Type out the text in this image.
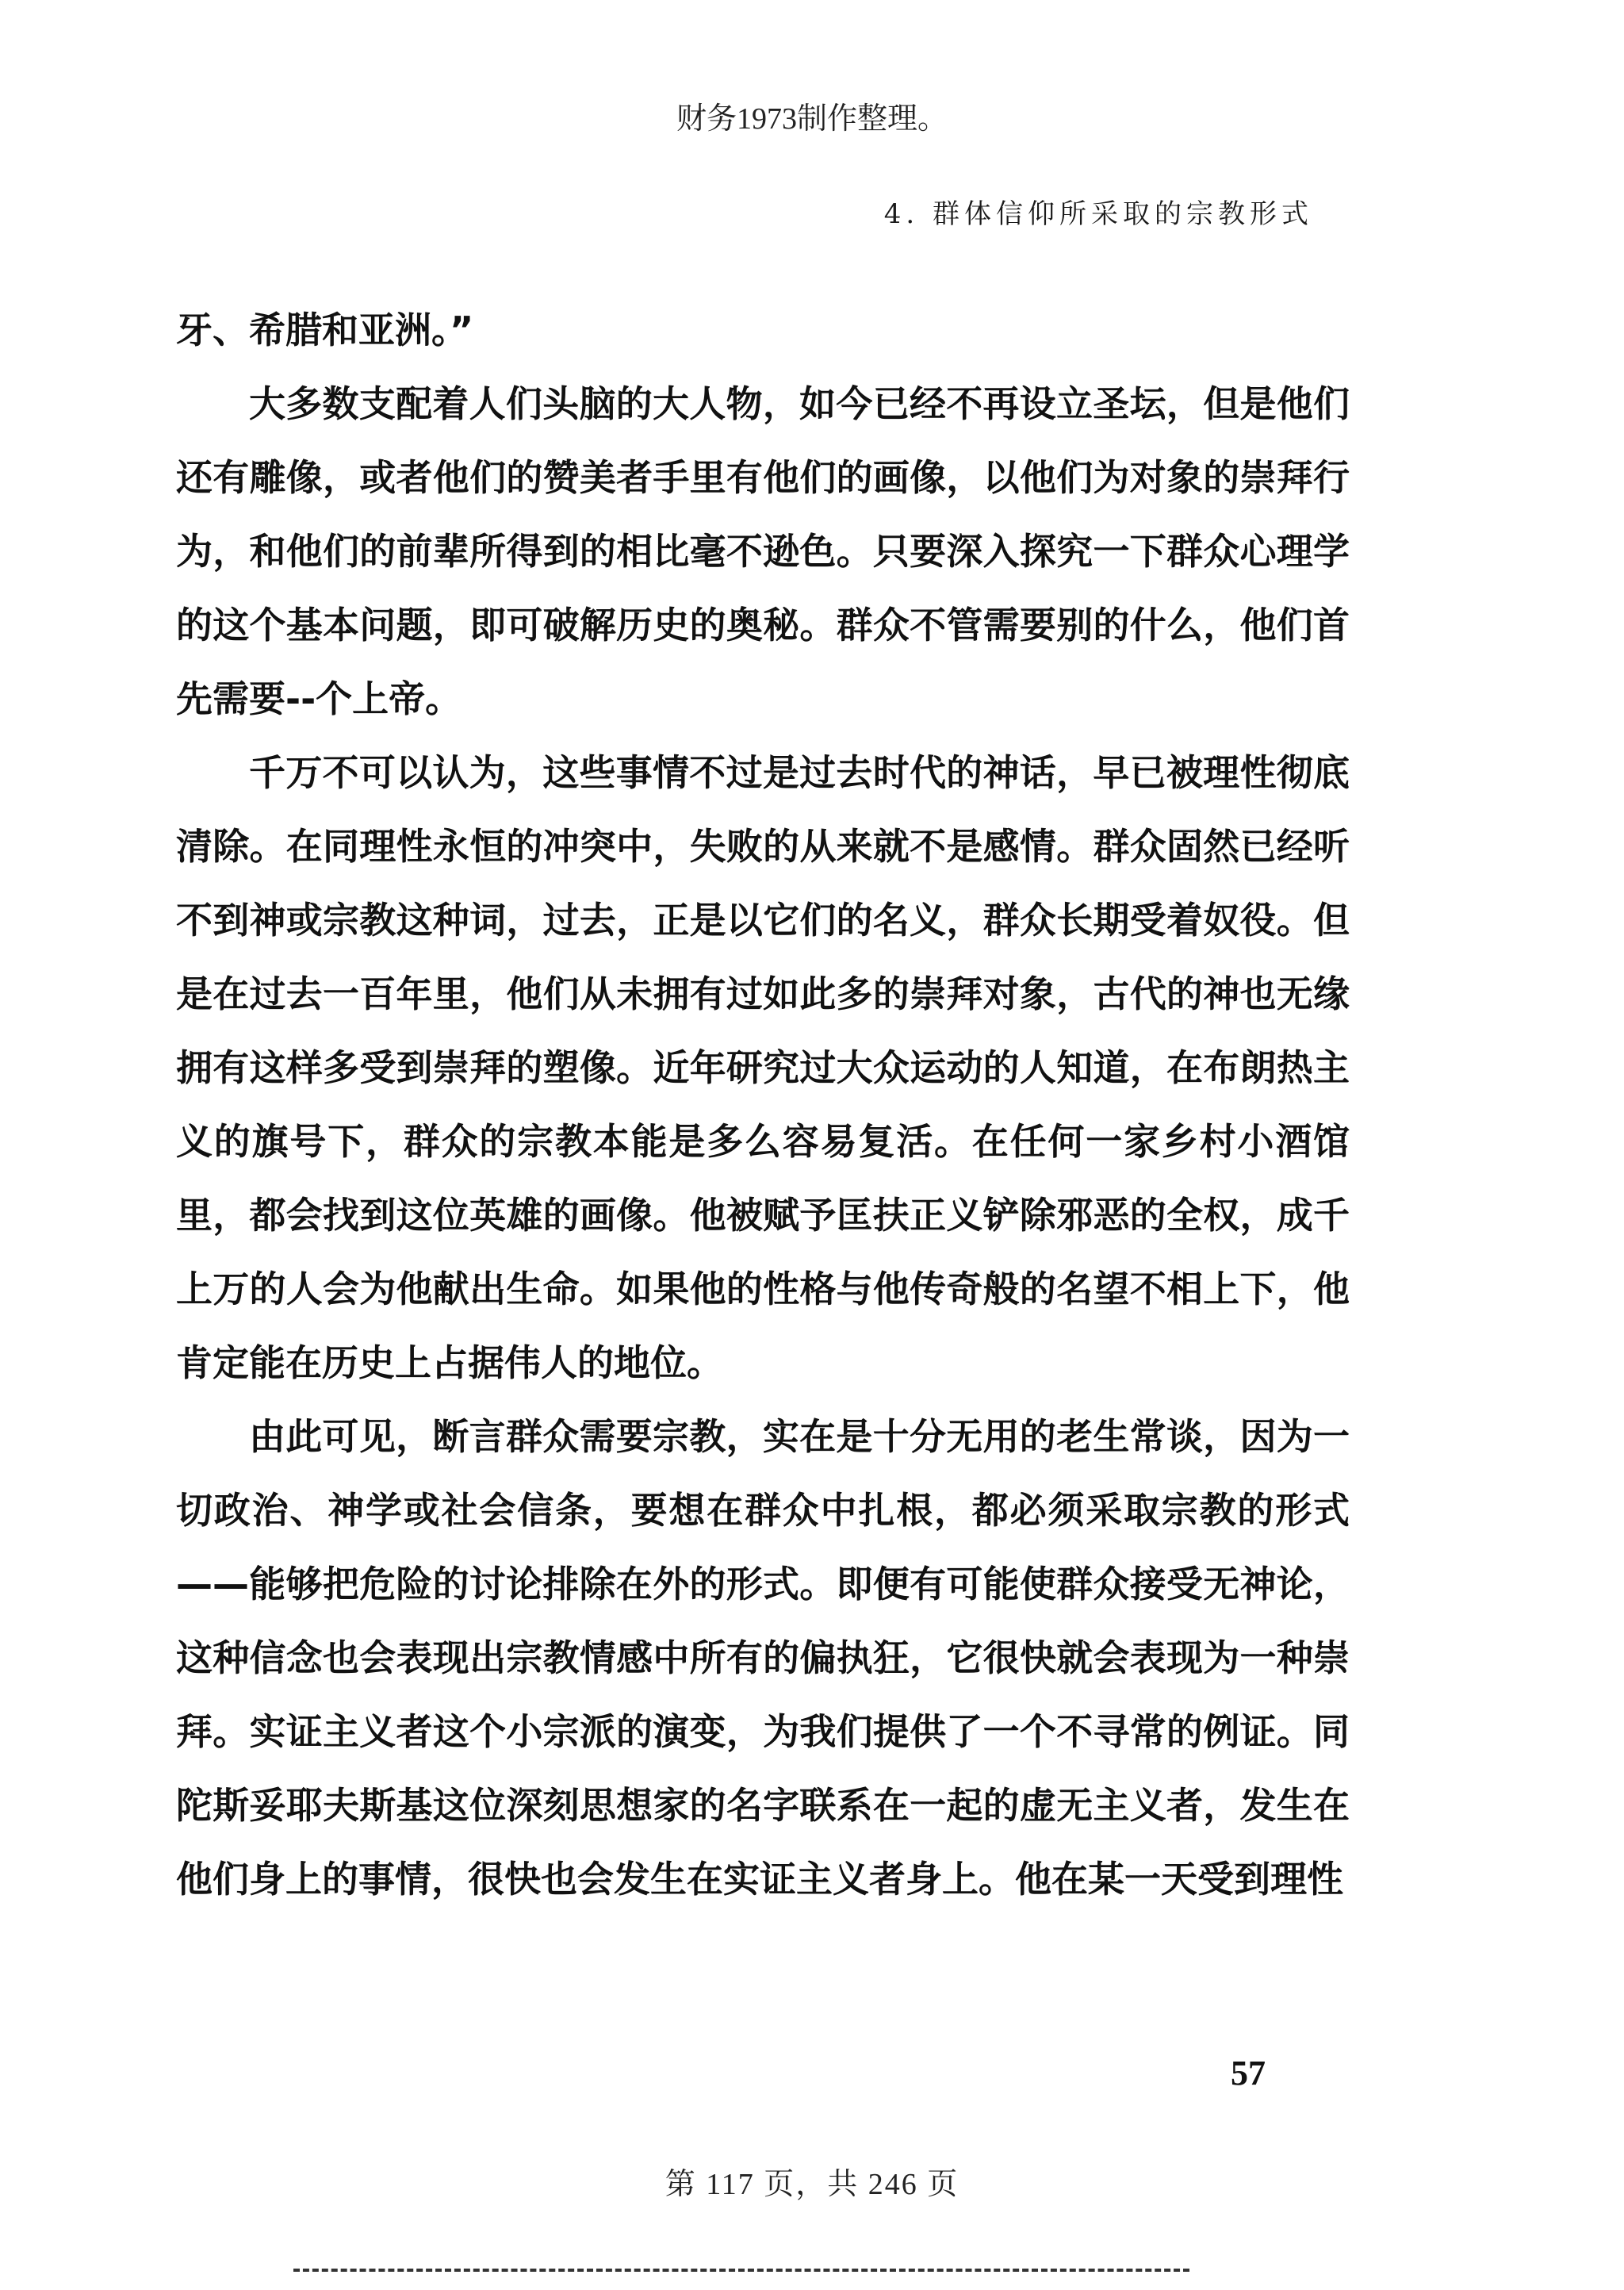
财务1973制作整理。
4. 群体信仰所采取的宗教形式

牙、希腊和亚洲。”

大多数支配着人们头脑的大人物，如今已经不再设立圣坛，但是他们还有雕像，或者他们的赞美者手里有他们的画像，以他们为对象的崇拜行为，和他们的前辈所得到的相比毫不逊色。只要深入探究一下群众心理学的这个基本问题，即可破解历史的奥秘。群众不管需要别的什么，他们首先需要--个上帝。

千万不可以认为，这些事情不过是过去时代的神话，早已被理性彻底清除。在同理性永恒的冲突中，失败的从来就不是感情。群众固然已经听不到神或宗教这种词，过去，正是以它们的名义，群众长期受着奴役。但是在过去一百年里，他们从未拥有过如此多的崇拜对象，古代的神也无缘拥有这样多受到崇拜的塑像。近年研究过大众运动的人知道，在布朗热主义的旗号下，群众的宗教本能是多么容易复活。在任何一家乡村小酒馆里，都会找到这位英雄的画像。他被赋予匡扶正义铲除邪恶的全权，成千上万的人会为他献出生命。如果他的性格与他传奇般的名望不相上下，他肯定能在历史上占据伟人的地位。

由此可见，断言群众需要宗教，实在是十分无用的老生常谈，因为一切政治、神学或社会信条，要想在群众中扎根，都必须采取宗教的形式——能够把危险的讨论排除在外的形式。即便有可能使群众接受无神论，这种信念也会表现出宗教情感中所有的偏执狂，它很快就会表现为一种崇拜。实证主义者这个小宗派的演变，为我们提供了一个不寻常的例证。同陀斯妥耶夫斯基这位深刻思想家的名字联系在一起的虚无主义者，发生在他们身上的事情，很快也会发生在实证主义者身上。他在某一天受到理性

57
第 117 页，共 246 页
